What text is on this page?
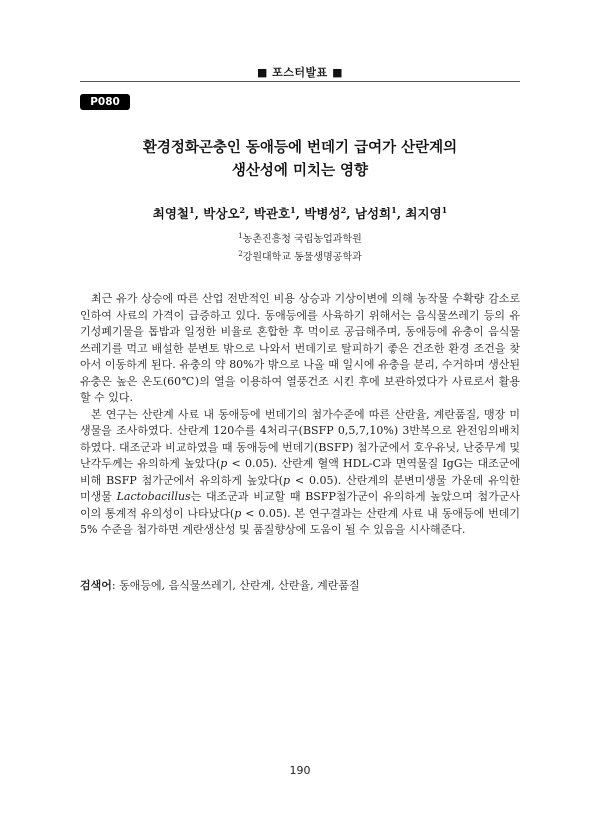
■ 포스터발표 ■
P080
환경정화곤충인 동애등에 번데기 급여가 산란계의
생산성에 미치는 영향
최영철$^1$, 박상오$^2$, 박관호$^1$, 박병성$^2$, 남성희$^1$, 최지영$^1$
$^1$농촌진흥청 국립농업과학원
$^2$강원대학교 동물생명공학과

최근 유가 상승에 따른 산업 전반적인 비용 상승과 기상이변에 의해 농작물 수확량 감소로 인하여 사료의 가격이 급증하고 있다. 동애등에를 사육하기 위해서는 음식물쓰레기 등의 유기성폐기물을 톱밥과 일정한 비율로 혼합한 후 먹이로 공급해주며, 동애등에 유충이 음식물쓰레기를 먹고 배설한 분변토 밖으로 나와서 번데기로 탈피하기 좋은 건조한 환경 조건을 찾아서 이동하게 된다. 유충의 약 80%가 밖으로 나올 때 일시에 유충을 분리, 수거하며 생산된 유충은 높은 온도(60℃)의 열을 이용하여 열풍건조 시킨 후에 보관하였다가 사료로서 활용할 수 있다.

본 연구는 산란계 사료 내 동애등에 번데기의 첨가수준에 따른 산란율, 계란품질, 맹장 미생물을 조사하였다. 산란계 120수를 4처리구(BSFP 0,5,7,10%) 3반복으로 완전임의배치 하였다. 대조군과 비교하였을 때 동애등에 번데기(BSFP) 첨가군에서 호우유닛, 난중무게 및 난각두께는 유의하게 높았다(p < 0.05). 산란계 혈액 HDL-C과 면역물질 IgG는 대조군에 비해 BSFP 첨가군에서 유의하게 높았다(p < 0.05). 산란계의 분변미생물 가운데 유익한 미생물 Lactobacillus는 대조군과 비교할 때 BSFP첨가군이 유의하게 높았으며 첨가군사이의 통계적 유의성이 나타났다(p < 0.05). 본 연구결과는 산란계 사료 내 동애등에 번데기 5% 수준을 첨가하면 계란생산성 및 품질향상에 도움이 될 수 있음을 시사해준다.

검색어: 동애등에, 음식물쓰레기, 산란계, 산란율, 계란품질
190
